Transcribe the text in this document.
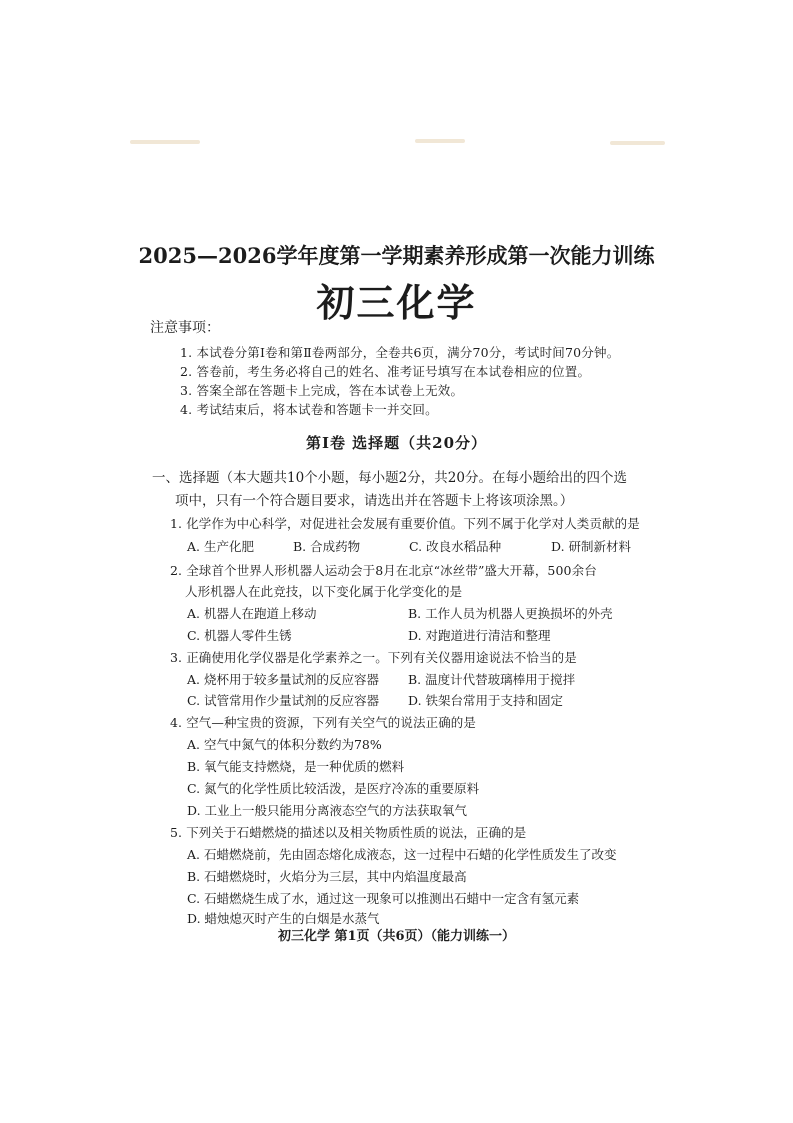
2025—2026学年度第一学期素养形成第一次能力训练
初三化学
注意事项：
1. 本试卷分第Ⅰ卷和第Ⅱ卷两部分，全卷共6页，满分70分，考试时间70分钟。
2. 答卷前，考生务必将自己的姓名、准考证号填写在本试卷相应的位置。
3. 答案全部在答题卡上完成，答在本试卷上无效。
4. 考试结束后，将本试卷和答题卡一并交回。
第Ⅰ卷 选择题（共20分）
一、选择题（本大题共10个小题，每小题2分，共20分。在每小题给出的四个选
项中，只有一个符合题目要求，请选出并在答题卡上将该项涂黑。）
1. 化学作为中心科学，对促进社会发展有重要价值。下列不属于化学对人类贡献的是
A. 生产化肥	B. 合成药物	C. 改良水稻品种	D. 研制新材料
2. 全球首个世界人形机器人运动会于8月在北京“冰丝带”盛大开幕，500余台
人形机器人在此竞技，以下变化属于化学变化的是
A. 机器人在跑道上移动	B. 工作人员为机器人更换损坏的外壳
C. 机器人零件生锈	D. 对跑道进行清洁和整理
3. 正确使用化学仪器是化学素养之一。下列有关仪器用途说法不恰当的是
A. 烧杯用于较多量试剂的反应容器 B. 温度计代替玻璃棒用于搅拌
C. 试管常用作少量试剂的反应容器 D. 铁架台常用于支持和固定
4. 空气—种宝贵的资源，下列有关空气的说法正确的是
A. 空气中氮气的体积分数约为78%
B. 氧气能支持燃烧，是一种优质的燃料
C. 氮气的化学性质比较活泼，是医疗冷冻的重要原料
D. 工业上一般只能用分离液态空气的方法获取氧气
5. 下列关于石蜡燃烧的描述以及相关物质性质的说法，正确的是
A. 石蜡燃烧前，先由固态熔化成液态，这一过程中石蜡的化学性质发生了改变
B. 石蜡燃烧时，火焰分为三层，其中内焰温度最高
C. 石蜡燃烧生成了水，通过这一现象可以推测出石蜡中一定含有氢元素
D. 蜡烛熄灭时产生的白烟是水蒸气
初三化学 第1页（共6页）（能力训练一）
